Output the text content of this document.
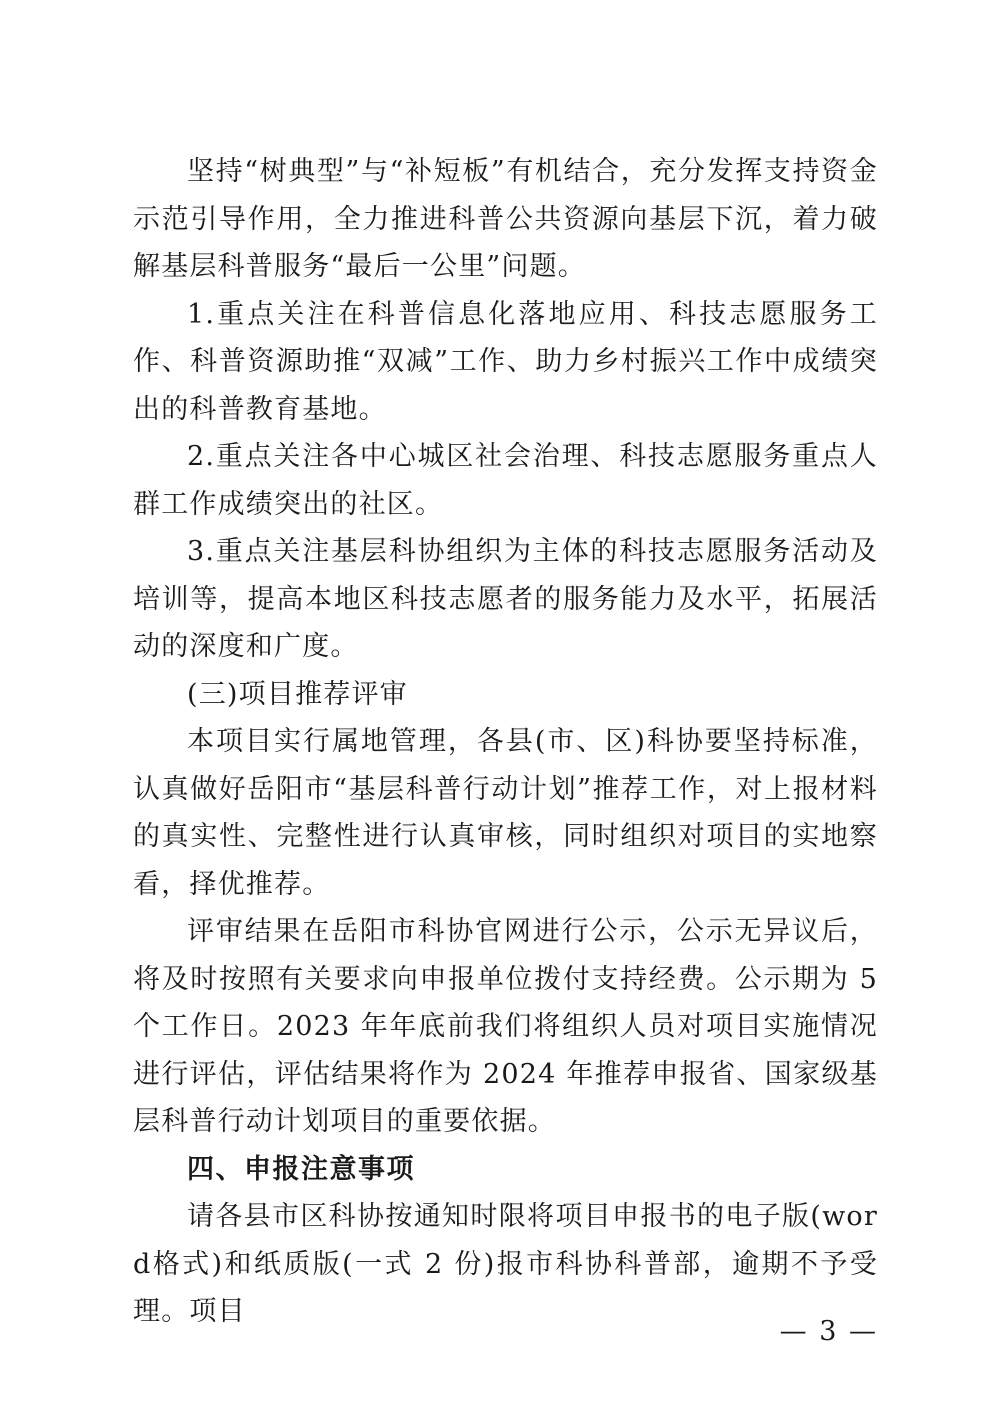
坚持“树典型”与“补短板”有机结合，充分发挥支持资金示范引导作用，全力推进科普公共资源向基层下沉，着力破解基层科普服务“最后一公里”问题。

1.重点关注在科普信息化落地应用、科技志愿服务工作、科普资源助推“双减”工作、助力乡村振兴工作中成绩突出的科普教育基地。

2.重点关注各中心城区社会治理、科技志愿服务重点人群工作成绩突出的社区。

3.重点关注基层科协组织为主体的科技志愿服务活动及培训等，提高本地区科技志愿者的服务能力及水平，拓展活动的深度和广度。

(三)项目推荐评审

本项目实行属地管理，各县(市、区)科协要坚持标准，认真做好岳阳市“基层科普行动计划”推荐工作，对上报材料的真实性、完整性进行认真审核，同时组织对项目的实地察看，择优推荐。

评审结果在岳阳市科协官网进行公示，公示无异议后，将及时按照有关要求向申报单位拨付支持经费。公示期为 5 个工作日。2023 年年底前我们将组织人员对项目实施情况进行评估，评估结果将作为 2024 年推荐申报省、国家级基层科普行动计划项目的重要依据。

四、申报注意事项

请各县市区科协按通知时限将项目申报书的电子版(word格式)和纸质版(一式 2 份)报市科协科普部，逾期不予受理。项目

— 3 —
